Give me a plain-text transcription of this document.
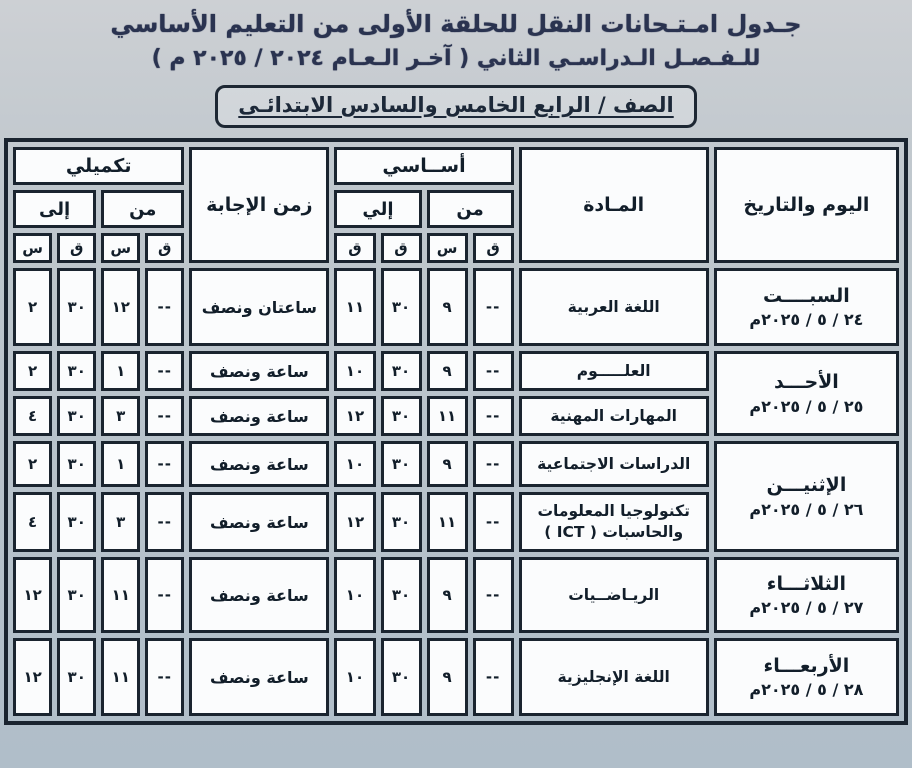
جـدول امـتـحانات النقل للحلقة الأولى من التعليم الأساسي
للـفـصـل الـدراسـي الثاني ( آخـر الـعـام ٢٠٢٤ / ٢٠٢٥ م )
الصف / الرابع الخامس والسادس الابتدائـى
اليوم والتاريخ	المـادة	أســاسي				زمن الإجابة	تكميلي			
		من		إلي			من		إلى	
		ق	س	ق	ق		ق	س	ق	س

السبــــت
٢٤ / ٥ / ٢٠٢٥م	اللغة العربية	--	٩	٣٠	١١	ساعتان ونصف	--	١٢	٣٠	٢

الأحـــد
٢٥ / ٥ / ٢٠٢٥م	العلـــــوم	--	٩	٣٠	١٠	ساعة ونصف	--	١	٣٠	٢
	المهارات المهنية	--	١١	٣٠	١٢	ساعة ونصف	--	٣	٣٠	٤

الإثنيـــن
٢٦ / ٥ / ٢٠٢٥م	الدراسات الاجتماعية	--	٩	٣٠	١٠	ساعة ونصف	--	١	٣٠	٢
	تكنولوجيا المعلومات والحاسبات ( ICT )	--	١١	٣٠	١٢	ساعة ونصف	--	٣	٣٠	٤

الثلاثـــاء
٢٧ / ٥ / ٢٠٢٥م	الريـاضــيات	--	٩	٣٠	١٠	ساعة ونصف	--	١١	٣٠	١٢

الأربعـــاء
٢٨ / ٥ / ٢٠٢٥م	اللغة الإنجليزية	--	٩	٣٠	١٠	ساعة ونصف	--	١١	٣٠	١٢
